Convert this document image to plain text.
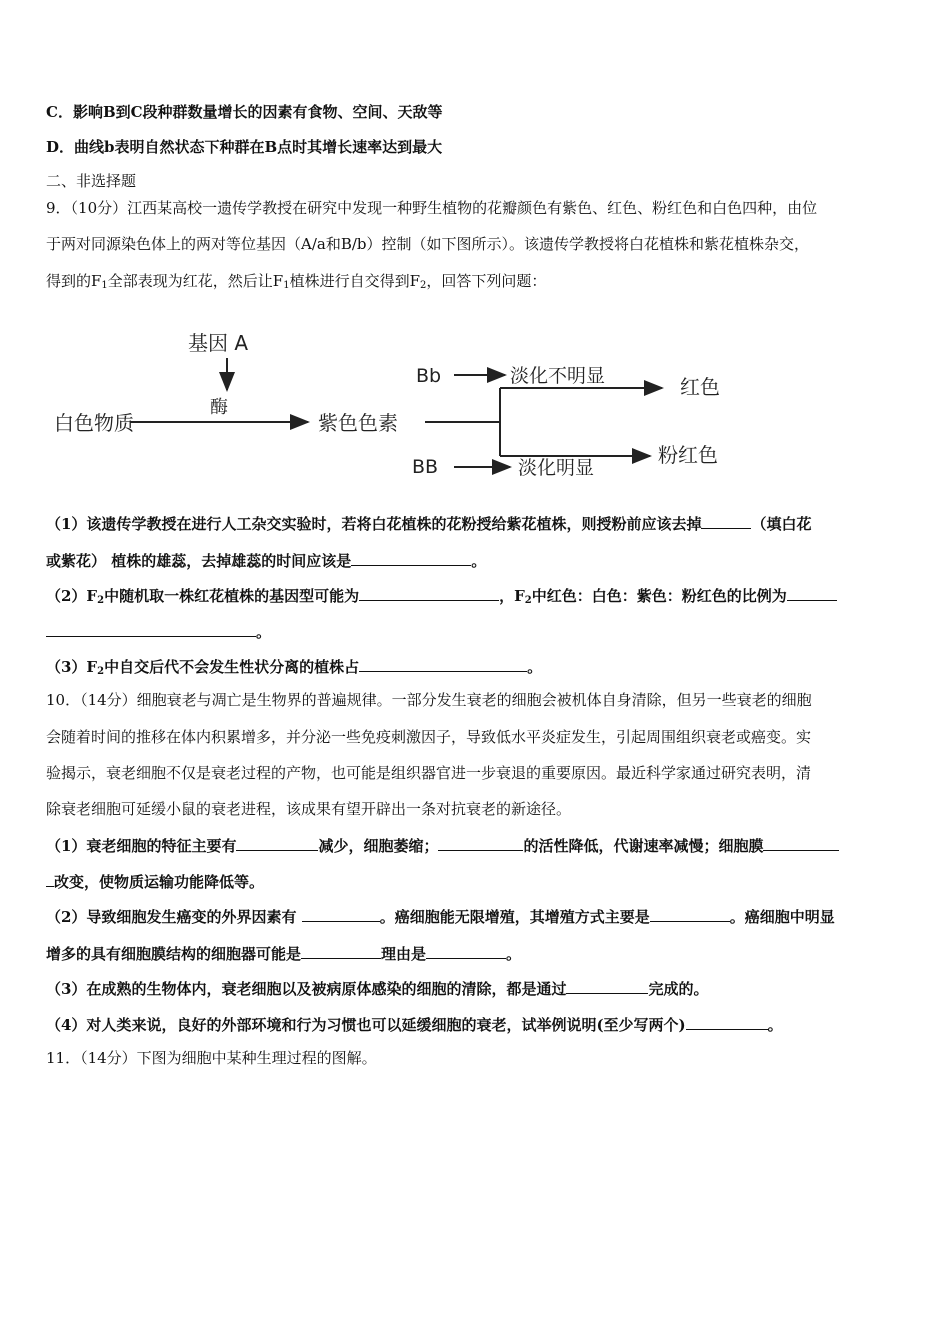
C．影响B到C段种群数量增长的因素有食物、空间、天敌等
D．曲线b表明自然状态下种群在B点时其增长速率达到最大
二、非选择题
9．（10分）江西某高校一遗传学教授在研究中发现一种野生植物的花瓣颜色有紫色、红色、粉红色和白色四种，由位
于两对同源染色体上的两对等位基因（A/a和B/b）控制（如下图所示）。该遗传学教授将白花植株和紫花植株杂交，
得到的$F_1$全部表现为红花，然后让$F_1$植株进行自交得到$F_2$，回答下列问题：
基因 A
酶
白色物质	紫色色素
Bb	淡化不明显	红色
BB	淡化明显
粉红色
（1）该遗传学教授在进行人工杂交实验时，若将白花植株的花粉授给紫花植株，则授粉前应该去掉	（填白花
或紫花） 植株的雄蕊，去掉雄蕊的时间应该是	。
$(2)F_2$中随机取一株红花植株的基因型可能为	，$F_2$中红色：白色：紫色：粉红色的比例为
。
$(3)F_2$中自交后代不会发生性状分离的植株占	。
10．（14分）细胞衰老与凋亡是生物界的普遍规律。一部分发生衰老的细胞会被机体自身清除，但另一些衰老的细胞
会随着时间的推移在体内积累增多，并分泌一些免疫刺激因子，导致低水平炎症发生，引起周围组织衰老或癌变。实
验揭示，衰老细胞不仅是衰老过程的产物，也可能是组织器官进一步衰退的重要原因。最近科学家通过研究表明，清
除衰老细胞可延缓小鼠的衰老进程，该成果有望开辟出一条对抗衰老的新途径。
（1）衰老细胞的特征主要有	减少，细胞萎缩；	的活性降低，代谢速率减慢；细胞膜
改变，使物质运输功能降低等。
（2）导致细胞发生癌变的外界因素有	。癌细胞能无限增殖，其增殖方式主要是	。癌细胞中明显
增多的具有细胞膜结构的细胞器可能是	理由是	。
（3）在成熟的生物体内，衰老细胞以及被病原体感染的细胞的清除，都是通过	完成的。
（4）对人类来说，良好的外部环境和行为习惯也可以延缓细胞的衰老，试举例说明(至少写两个)	。
11．（14分）下图为细胞中某种生理过程的图解。
